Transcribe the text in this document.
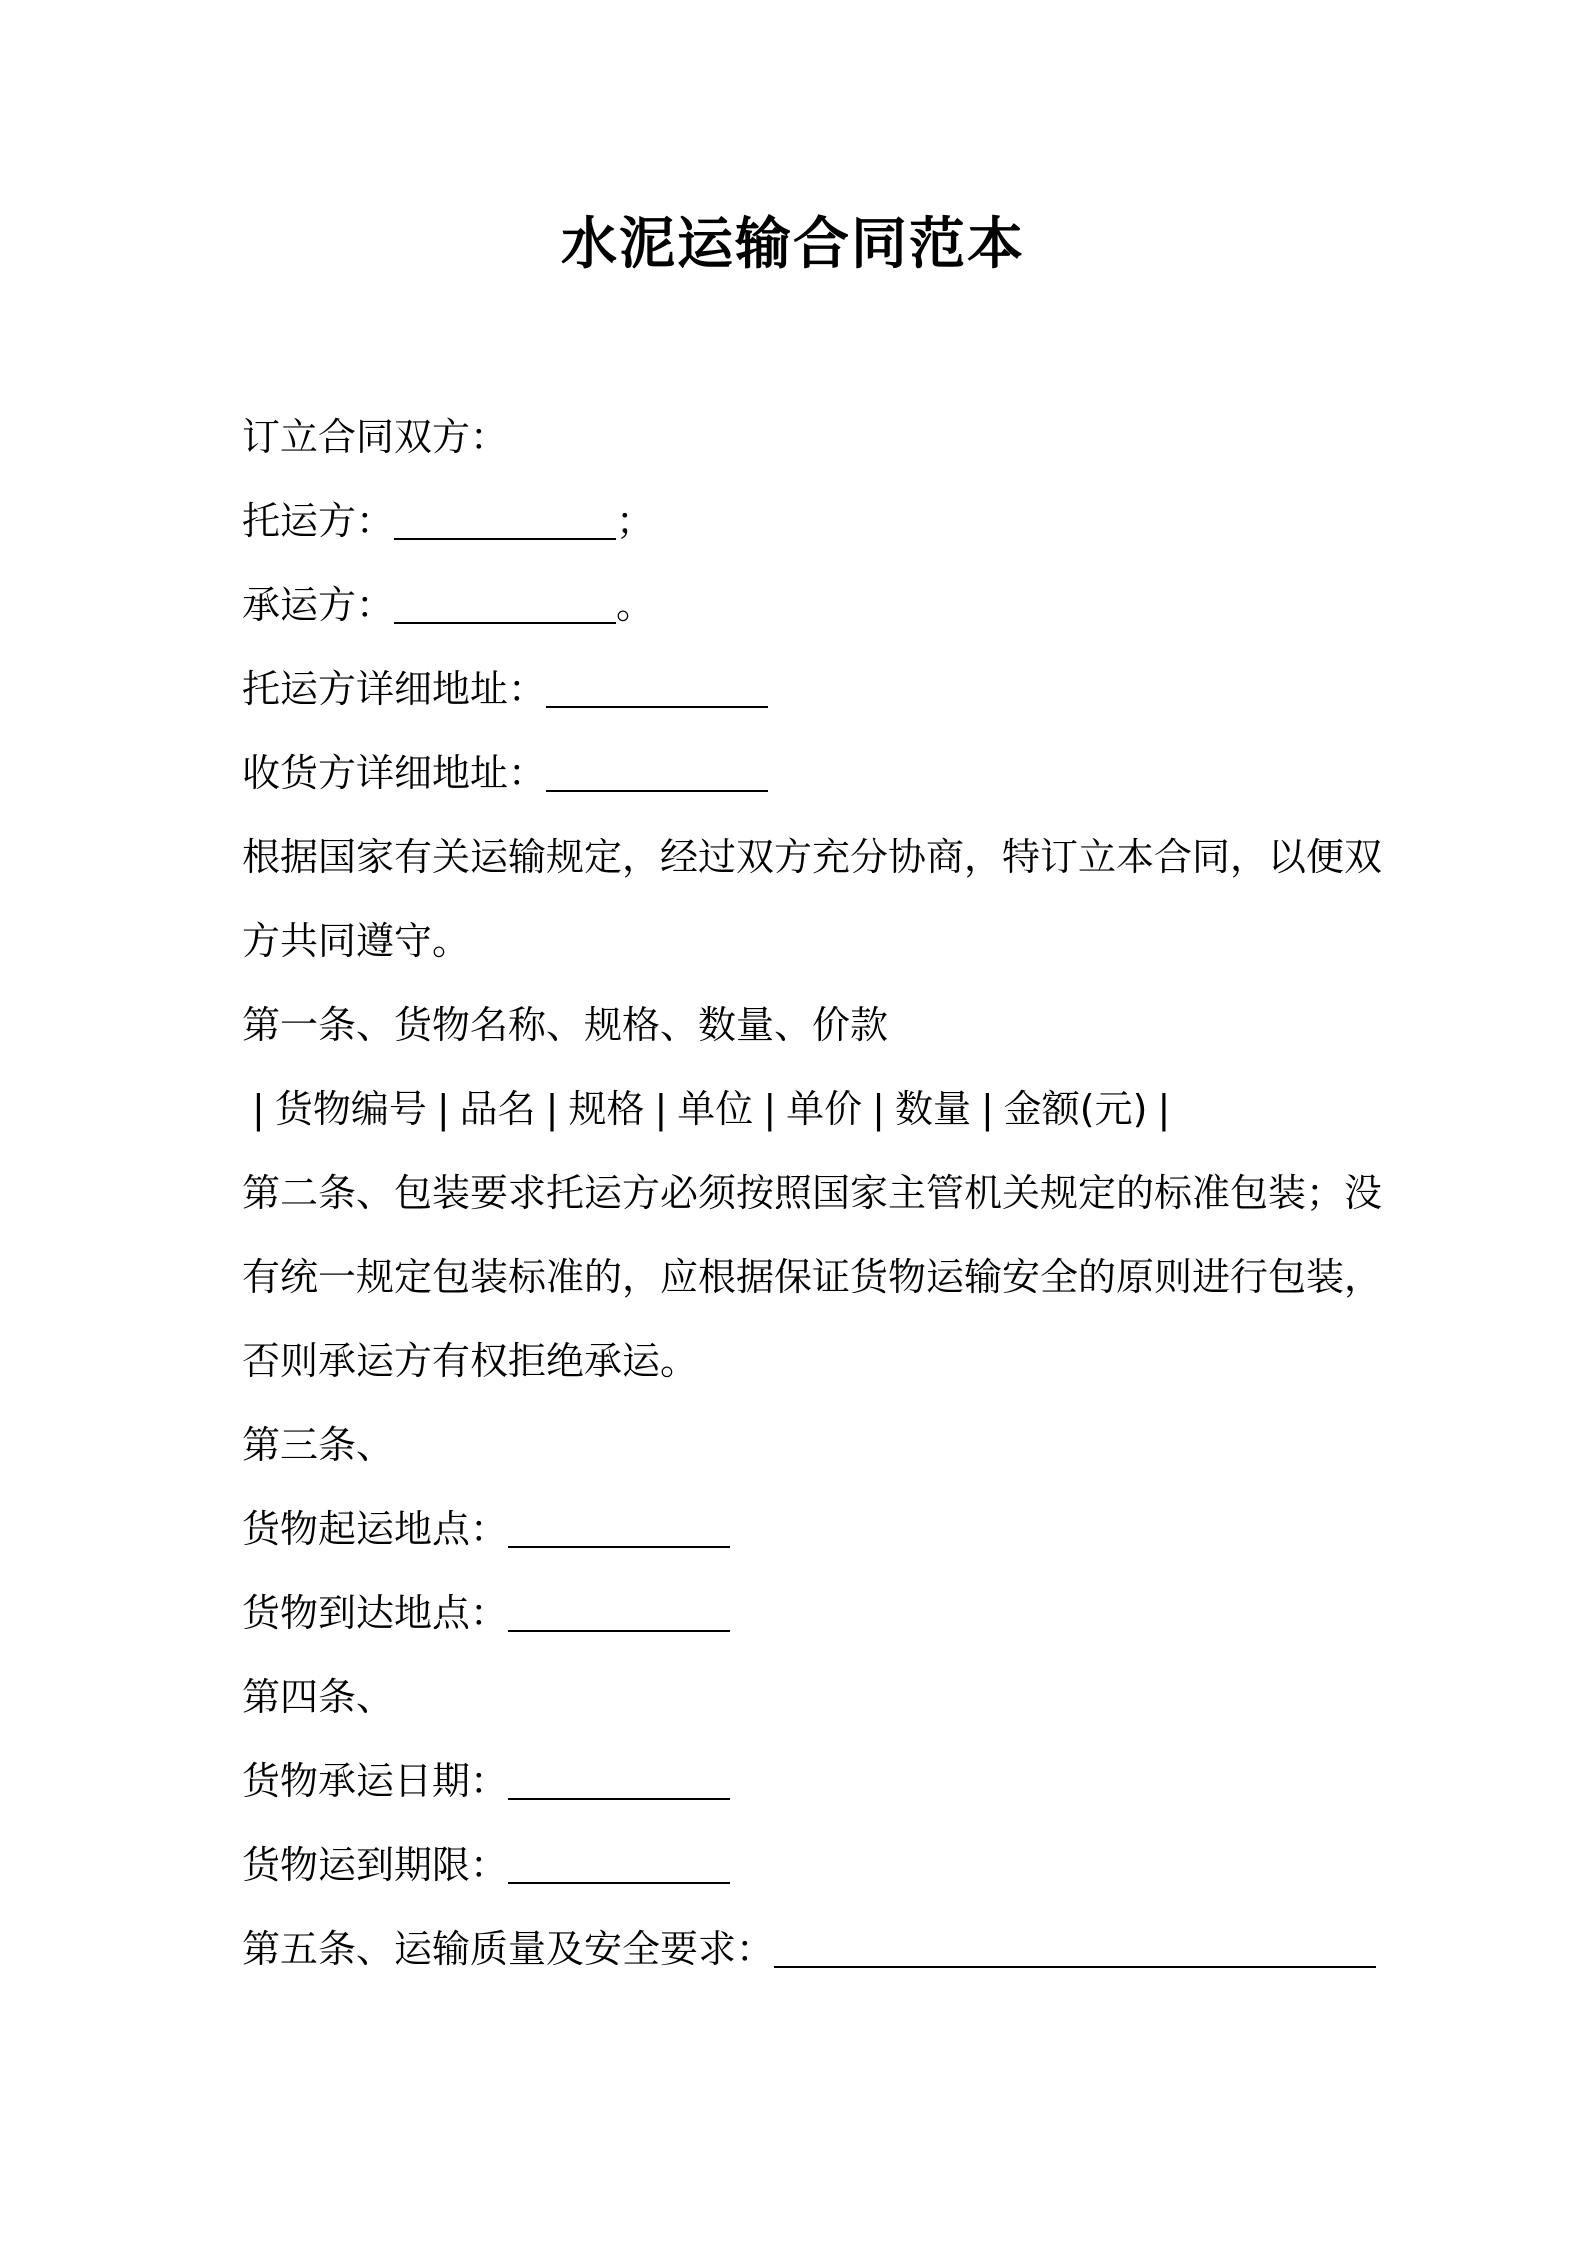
水泥运输合同范本
订立合同双方：
托运方：	；
承运方：	。
托运方详细地址：
收货方详细地址：
根据国家有关运输规定，经过双方充分协商，特订立本合同，以便双
方共同遵守。
第一条、货物名称、规格、数量、价款
| 货物编号 | 品名 | 规格 | 单位 | 单价 | 数量 | 金额(元) |
第二条、包装要求托运方必须按照国家主管机关规定的标准包装；没
有统一规定包装标准的，应根据保证货物运输安全的原则进行包装，
否则承运方有权拒绝承运。
第三条、
货物起运地点：
货物到达地点：
第四条、
货物承运日期：
货物运到期限：
第五条、运输质量及安全要求：
